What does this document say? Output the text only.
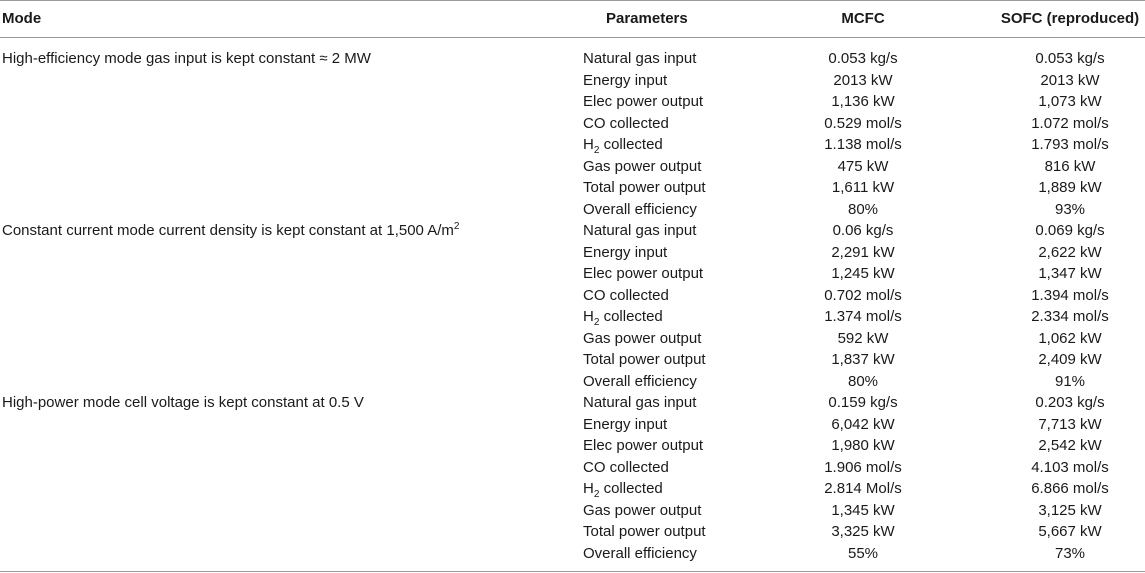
Mode	Parameters	MCFC	SOFC (reproduced)
High-efficiency mode gas input is kept constant ≈ 2 MW	Natural gas input	0.053 kg/s	0.053 kg/s
Energy input	2013 kW	2013 kW
Elec power output	1,136 kW	1,073 kW
CO collected	0.529 mol/s	1.072 mol/s
$H_2$ collected	1.138 mol/s	1.793 mol/s
Gas power output	475 kW	816 kW
Total power output	1,611 kW	1,889 kW
Overall efficiency	80%	93%
Constant current mode current density is kept constant at 1,500 $A/m^2$	Natural gas input	0.06 kg/s	0.069 kg/s
Energy input	2,291 kW	2,622 kW
Elec power output	1,245 kW	1,347 kW
CO collected	0.702 mol/s	1.394 mol/s
$H_2$ collected	1.374 mol/s	2.334 mol/s
Gas power output	592 kW	1,062 kW
Total power output	1,837 kW	2,409 kW
Overall efficiency	80%	91%
High-power mode cell voltage is kept constant at 0.5 V	Natural gas input	0.159 kg/s	0.203 kg/s
Energy input	6,042 kW	7,713 kW
Elec power output	1,980 kW	2,542 kW
CO collected	1.906 mol/s	4.103 mol/s
$H_2$ collected	2.814 Mol/s	6.866 mol/s
Gas power output	1,345 kW	3,125 kW
Total power output	3,325 kW	5,667 kW
Overall efficiency	55%	73%
